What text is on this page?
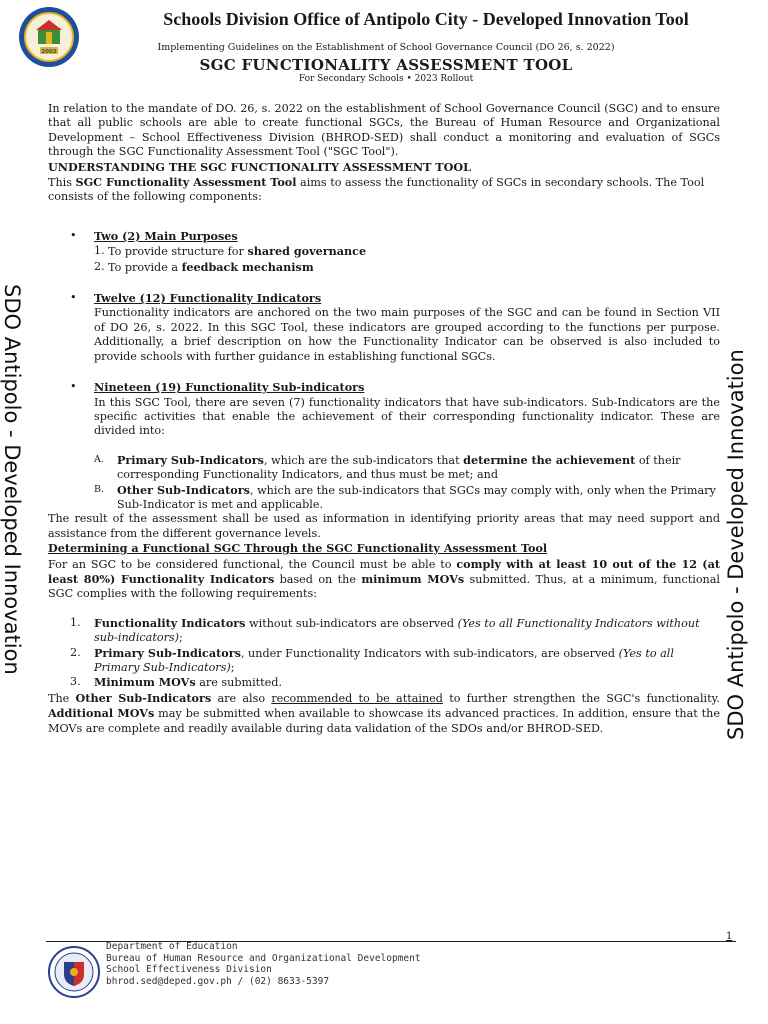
2002
Schools Division Office of Antipolo City - Developed Innovation Tool
Implementing Guidelines on the Establishment of School Governance Council (DO 26, s. 2022)
SGC FUNCTIONALITY ASSESSMENT TOOL
For Secondary Schools • 2023 Rollout
SDO Antipolo - Developed Innovation	SDO Antipolo - Developed Innovation

In relation to the mandate of DO. 26, s. 2022 on the establishment of School Governance Council (SGC) and to ensure that all public schools are able to create functional SGCs, the Bureau of Human Resource and Organizational Development – School Effectiveness Division (BHROD-SED) shall conduct a monitoring and evaluation of SGCs through the SGC Functionality Assessment Tool ("SGC Tool").

UNDERSTANDING THE SGC FUNCTIONALITY ASSESSMENT TOOL
This SGC Functionality Assessment Tool aims to assess the functionality of SGCs in secondary schools. The Tool consists of the following components:

• Two (2) Main Purposes
1. To provide structure for shared governance
2. To provide a feedback mechanism
• Twelve (12) Functionality Indicators
Functionality indicators are anchored on the two main purposes of the SGC and can be found in Section VII of DO 26, s. 2022. In this SGC Tool, these indicators are grouped according to the functions per purpose. Additionally, a brief description on how the Functionality Indicator can be observed is also included to provide schools with further guidance in establishing functional SGCs.
• Nineteen (19) Functionality Sub-indicators
In this SGC Tool, there are seven (7) functionality indicators that have sub-indicators. Sub-Indicators are the specific activities that enable the achievement of their corresponding functionality indicator. These are divided into:
A. Primary Sub-Indicators, which are the sub-indicators that determine the achievement of their corresponding Functionality Indicators, and thus must be met; and
B. Other Sub-Indicators, which are the sub-indicators that SGCs may comply with, only when the Primary Sub-Indicator is met and applicable.

The result of the assessment shall be used as information in identifying priority areas that may need support and assistance from the different governance levels.

Determining a Functional SGC Through the SGC Functionality Assessment Tool
For an SGC to be considered functional, the Council must be able to comply with at least 10 out of the 12 (at least 80%) Functionality Indicators based on the minimum MOVs submitted. Thus, at a minimum, functional SGC complies with the following requirements:

1. Functionality Indicators without sub-indicators are observed (Yes to all Functionality Indicators without sub-indicators);
2. Primary Sub-Indicators, under Functionality Indicators with sub-indicators, are observed (Yes to all Primary Sub-Indicators);
3. Minimum MOVs are submitted.

The Other Sub-Indicators are also recommended to be attained to further strengthen the SGC's functionality. Additional MOVs may be submitted when available to showcase its advanced practices. In addition, ensure that the MOVs are complete and readily available during data validation of the SDOs and/or BHROD-SED.

1
Department of Education
Bureau of Human Resource and Organizational Development
School Effectiveness Division
bhrod.sed@deped.gov.ph / (02) 8633-5397
